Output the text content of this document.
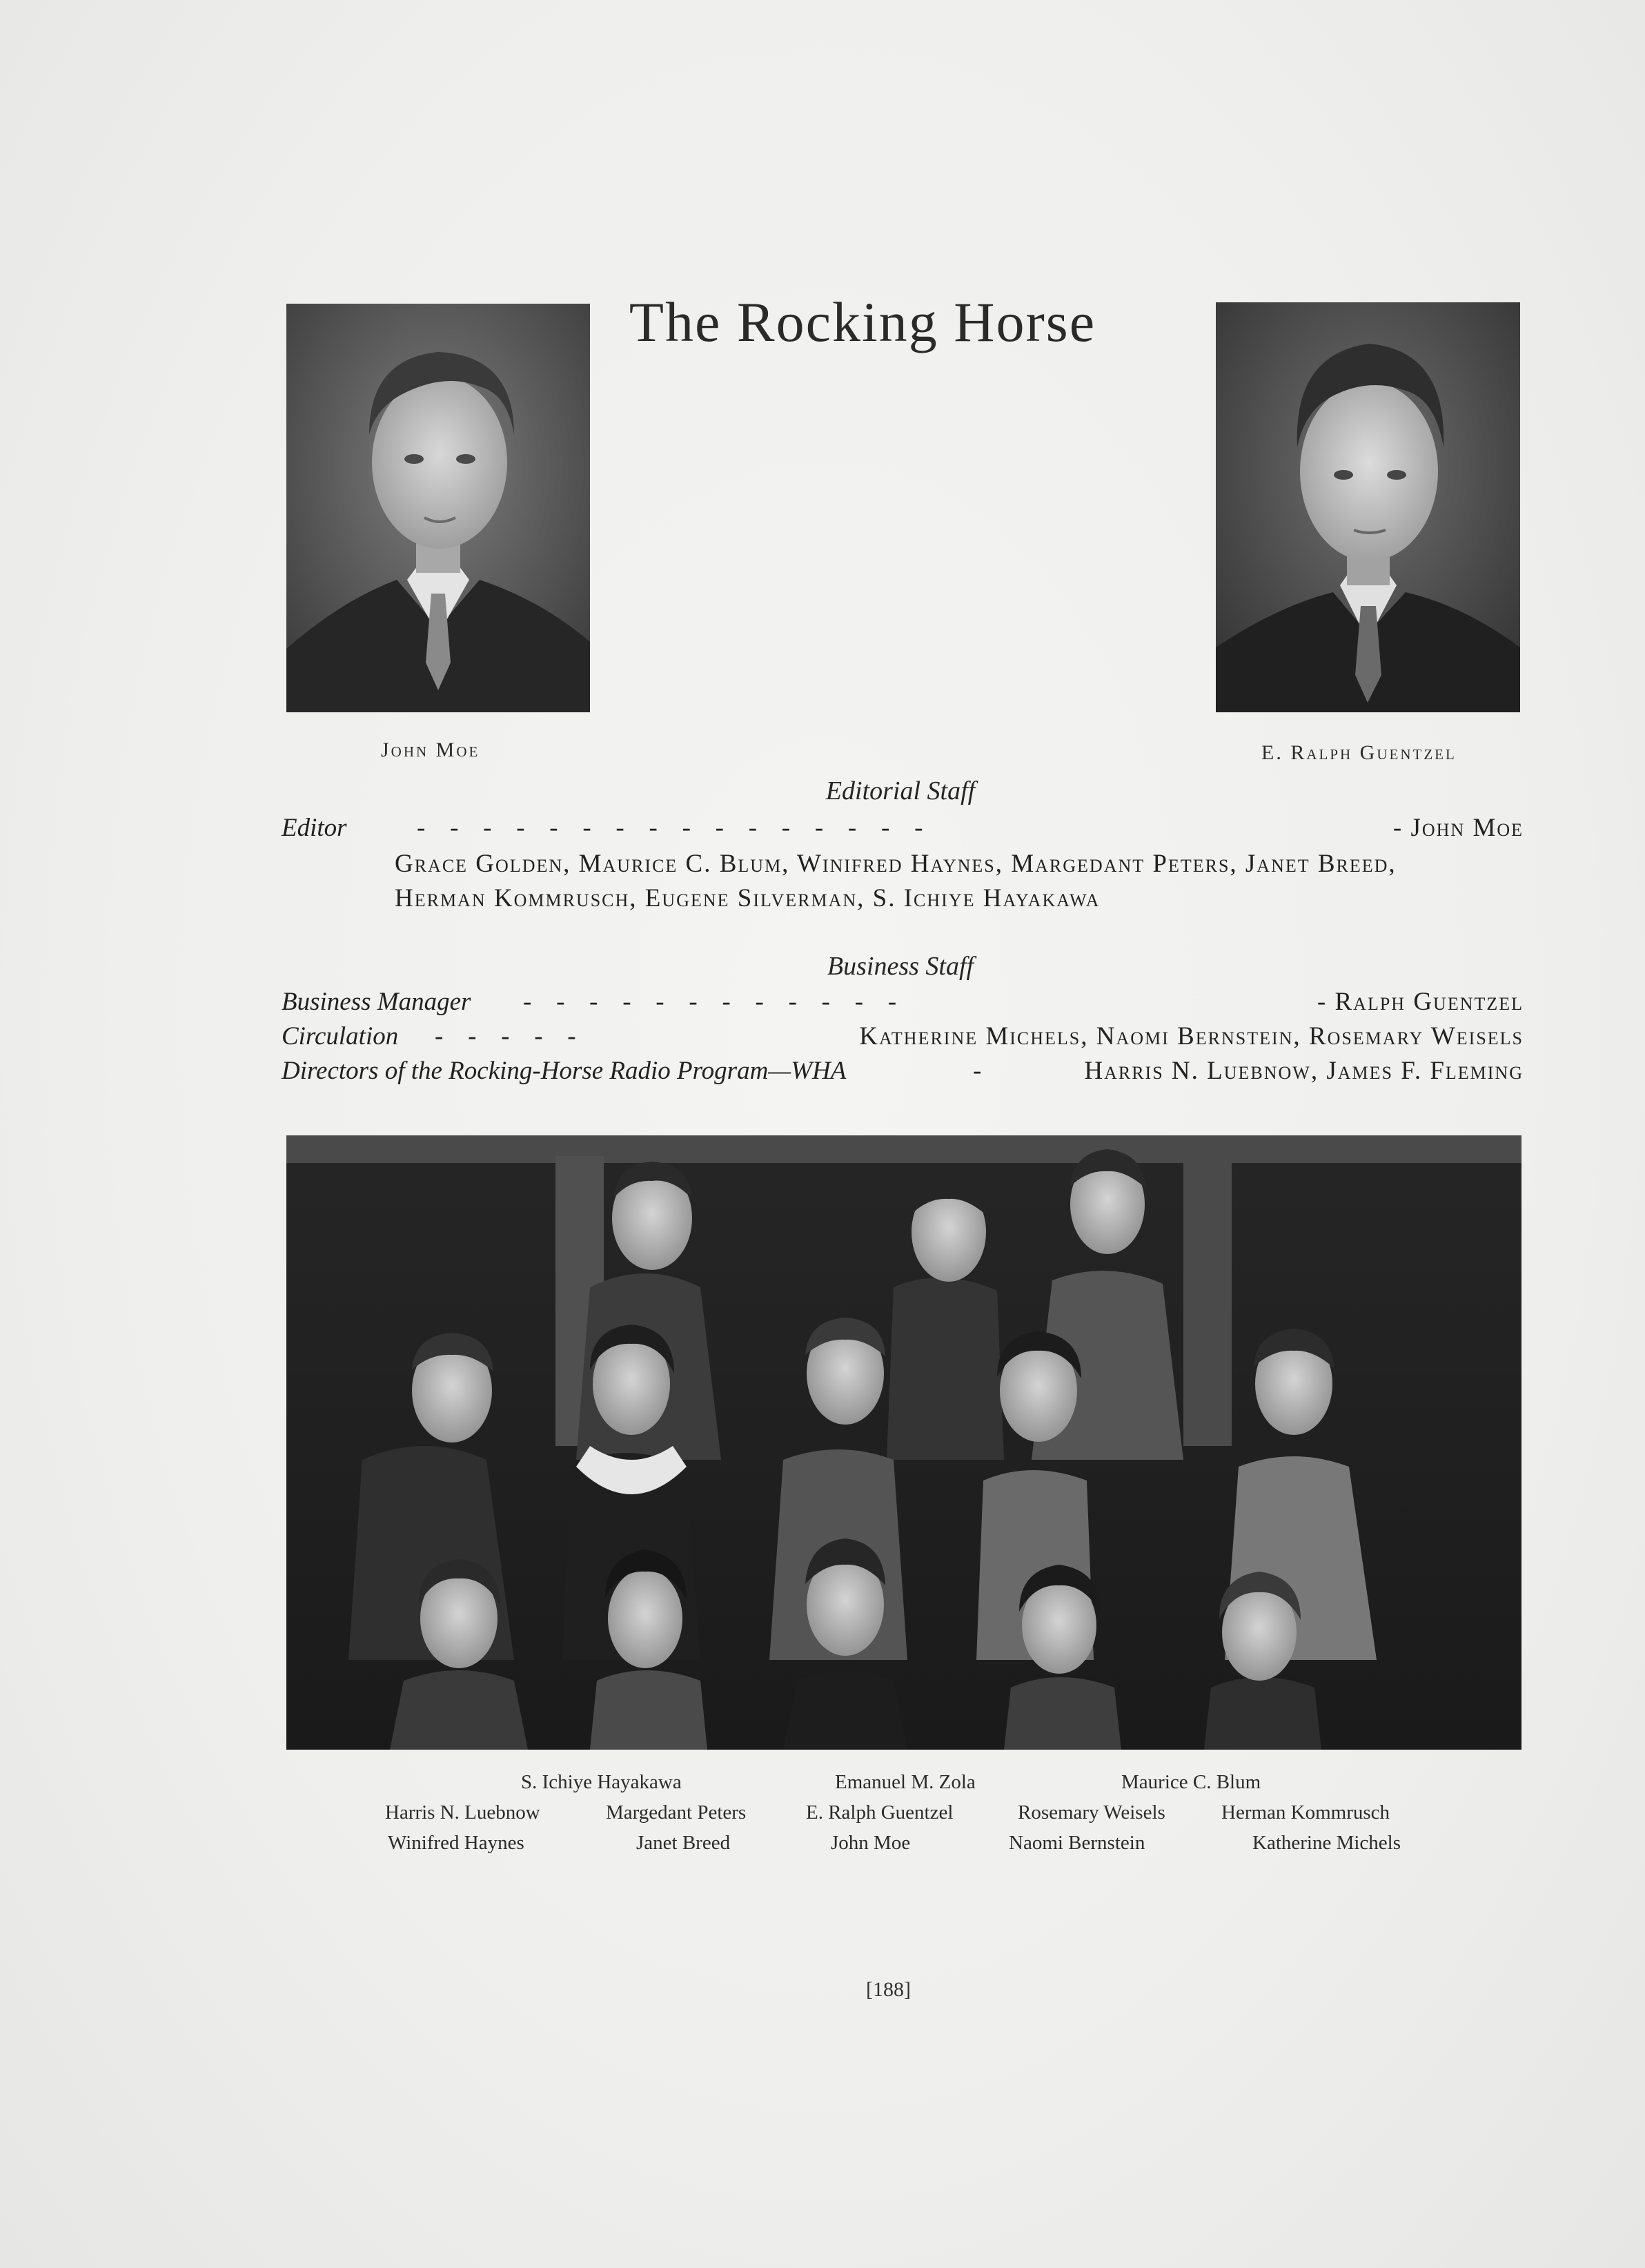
The Rocking Horse
John Moe	E. Ralph Guentzel
Editorial Staff
Editor	-   -   -   -   -   -   -   -   -   -   -   -   -   -   -   -	- John Moe
Grace Golden, Maurice C. Blum, Winifred Haynes, Margedant Peters, Janet Breed,
Herman Kommrusch, Eugene Silverman, S. Ichiye Hayakawa
Business Staff
Business Manager -   -   -   -   -   -   -   -   -   -   -   -	- Ralph Guentzel
Circulation -   -   -   -   -	Katherine Michels, Naomi Bernstein, Rosemary Weisels
Directors of the Rocking-Horse Radio Program—WHA	-	Harris N. Luebnow, James F. Fleming
S. Ichiye Hayakawa	Emanuel M. Zola	Maurice C. Blum
Harris N. Luebnow	Margedant Peters	E. Ralph Guentzel	Rosemary Weisels	Herman Kommrusch
Winifred Haynes	Janet Breed	John Moe	Naomi Bernstein	Katherine Michels
[188]
